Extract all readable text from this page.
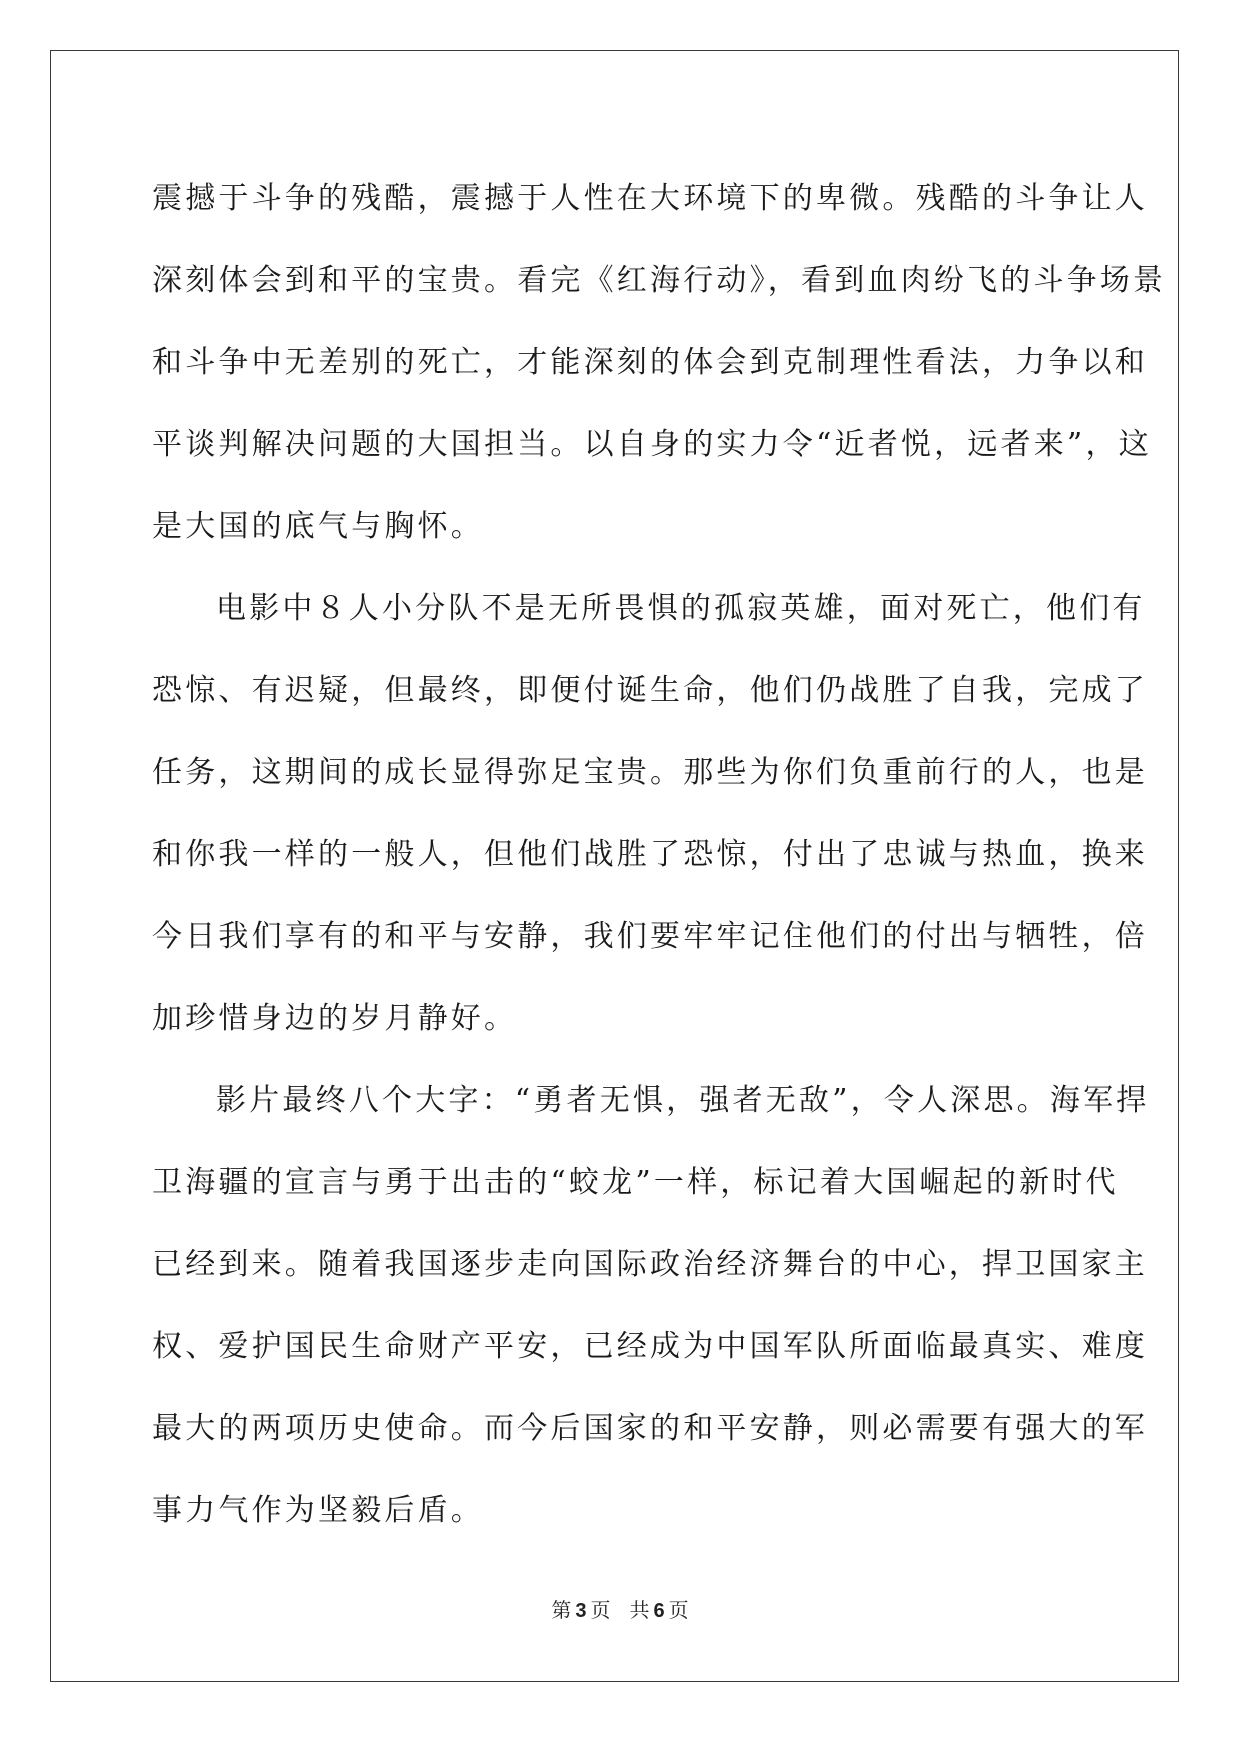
震撼于斗争的残酷，震撼于人性在大环境下的卑微。残酷的斗争让人
深刻体会到和平的宝贵。看完《红海行动》，看到血肉纷飞的斗争场景
和斗争中无差别的死亡，才能深刻的体会到克制理性看法，力争以和
平谈判解决问题的大国担当。以自身的实力令“近者悦，远者来”，这
是大国的底气与胸怀。

电影中８人小分队不是无所畏惧的孤寂英雄，面对死亡，他们有
恐惊、有迟疑，但最终，即便付诞生命，他们仍战胜了自我，完成了
任务，这期间的成长显得弥足宝贵。那些为你们负重前行的人，也是
和你我一样的一般人，但他们战胜了恐惊，付出了忠诚与热血，换来
今日我们享有的和平与安静，我们要牢牢记住他们的付出与牺牲，倍
加珍惜身边的岁月静好。

影片最终八个大字：“勇者无惧，强者无敌”，令人深思。海军捍
卫海疆的宣言与勇于出击的“蛟龙”一样，标记着大国崛起的新时代
已经到来。随着我国逐步走向国际政治经济舞台的中心，捍卫国家主
权、爱护国民生命财产平安，已经成为中国军队所面临最真实、难度
最大的两项历史使命。而今后国家的和平安静，则必需要有强大的军
事力气作为坚毅后盾。

第 3 页 共 6 页
